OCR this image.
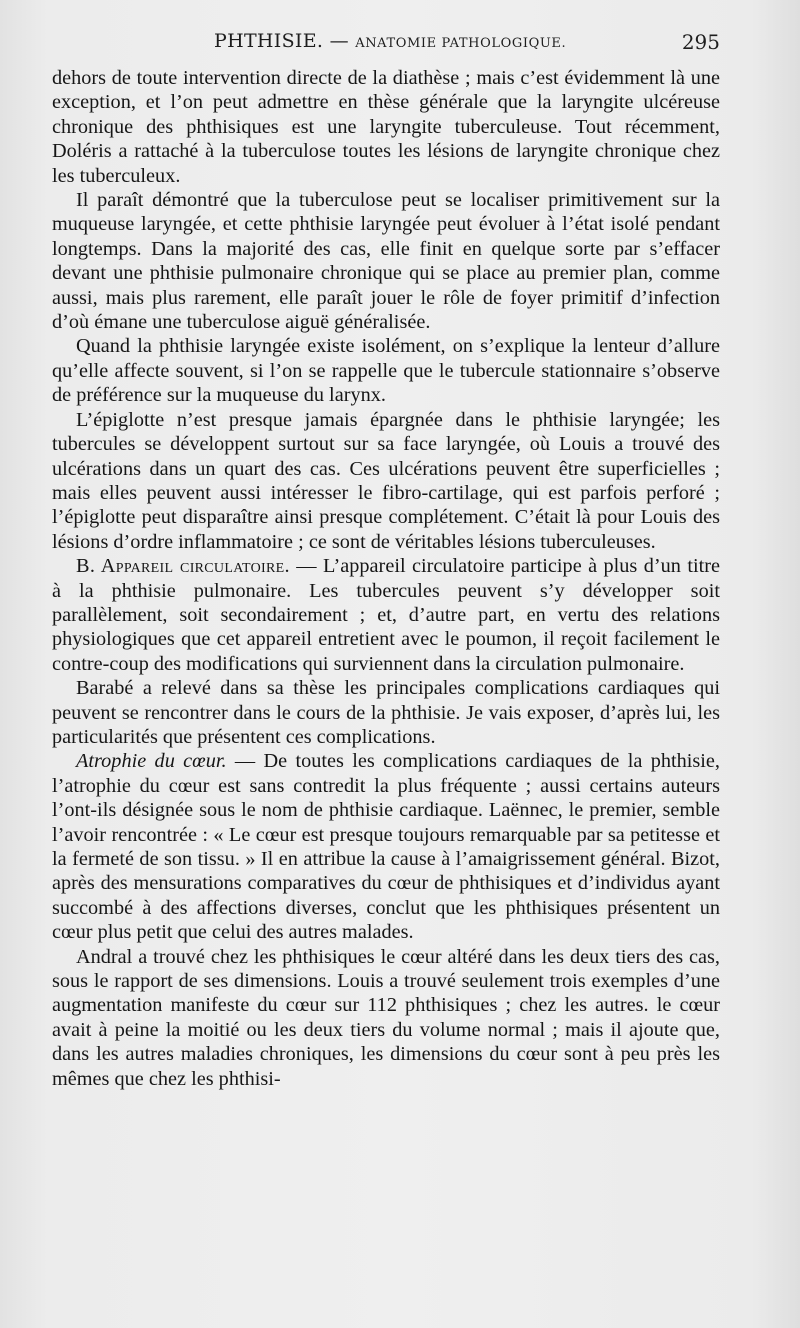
PHTHISIE. — ANATOMIE PATHOLOGIQUE.	295

dehors de toute intervention directe de la diathèse ; mais c’est évidemment là une exception, et l’on peut admettre en thèse générale que la laryngite ulcéreuse chronique des phthisiques est une laryngite tuberculeuse. Tout récemment, Doléris a rattaché à la tuberculose toutes les lésions de laryngite chronique chez les tuberculeux.

Il paraît démontré que la tuberculose peut se localiser primitivement sur la muqueuse laryngée, et cette phthisie laryngée peut évoluer à l’état isolé pendant longtemps. Dans la majorité des cas, elle finit en quelque sorte par s’effacer devant une phthisie pulmonaire chronique qui se place au premier plan, comme aussi, mais plus rarement, elle paraît jouer le rôle de foyer primitif d’infection d’où émane une tuberculose aiguë généralisée.

Quand la phthisie laryngée existe isolément, on s’explique la lenteur d’allure qu’elle affecte souvent, si l’on se rappelle que le tubercule stationnaire s’observe de préférence sur la muqueuse du larynx.

L’épiglotte n’est presque jamais épargnée dans le phthisie laryngée; les tubercules se développent surtout sur sa face laryngée, où Louis a trouvé des ulcérations dans un quart des cas. Ces ulcérations peuvent être superficielles ; mais elles peuvent aussi intéresser le fibro-cartilage, qui est parfois perforé ; l’épiglotte peut disparaître ainsi presque complétement. C’était là pour Louis des lésions d’ordre inflammatoire ; ce sont de véritables lésions tuberculeuses.

B. Appareil circulatoire. — L’appareil circulatoire participe à plus d’un titre à la phthisie pulmonaire. Les tubercules peuvent s’y développer soit parallèlement, soit secondairement ; et, d’autre part, en vertu des relations physiologiques que cet appareil entretient avec le poumon, il reçoit facilement le contre-coup des modifications qui surviennent dans la circulation pulmonaire.

Barabé a relevé dans sa thèse les principales complications cardiaques qui peuvent se rencontrer dans le cours de la phthisie. Je vais exposer, d’après lui, les particularités que présentent ces complications.

Atrophie du cœur. — De toutes les complications cardiaques de la phthisie, l’atrophie du cœur est sans contredit la plus fréquente ; aussi certains auteurs l’ont-ils désignée sous le nom de phthisie cardiaque. Laënnec, le premier, semble l’avoir rencontrée : « Le cœur est presque toujours remarquable par sa petitesse et la fermeté de son tissu. » Il en attribue la cause à l’amaigrissement général. Bizot, après des mensurations comparatives du cœur de phthisiques et d’individus ayant succombé à des affections diverses, conclut que les phthisiques présentent un cœur plus petit que celui des autres malades.

Andral a trouvé chez les phthisiques le cœur altéré dans les deux tiers des cas, sous le rapport de ses dimensions. Louis a trouvé seulement trois exemples d’une augmentation manifeste du cœur sur 112 phthisiques ; chez les autres. le cœur avait à peine la moitié ou les deux tiers du volume normal ; mais il ajoute que, dans les autres maladies chroniques, les dimensions du cœur sont à peu près les mêmes que chez les phthisi-
